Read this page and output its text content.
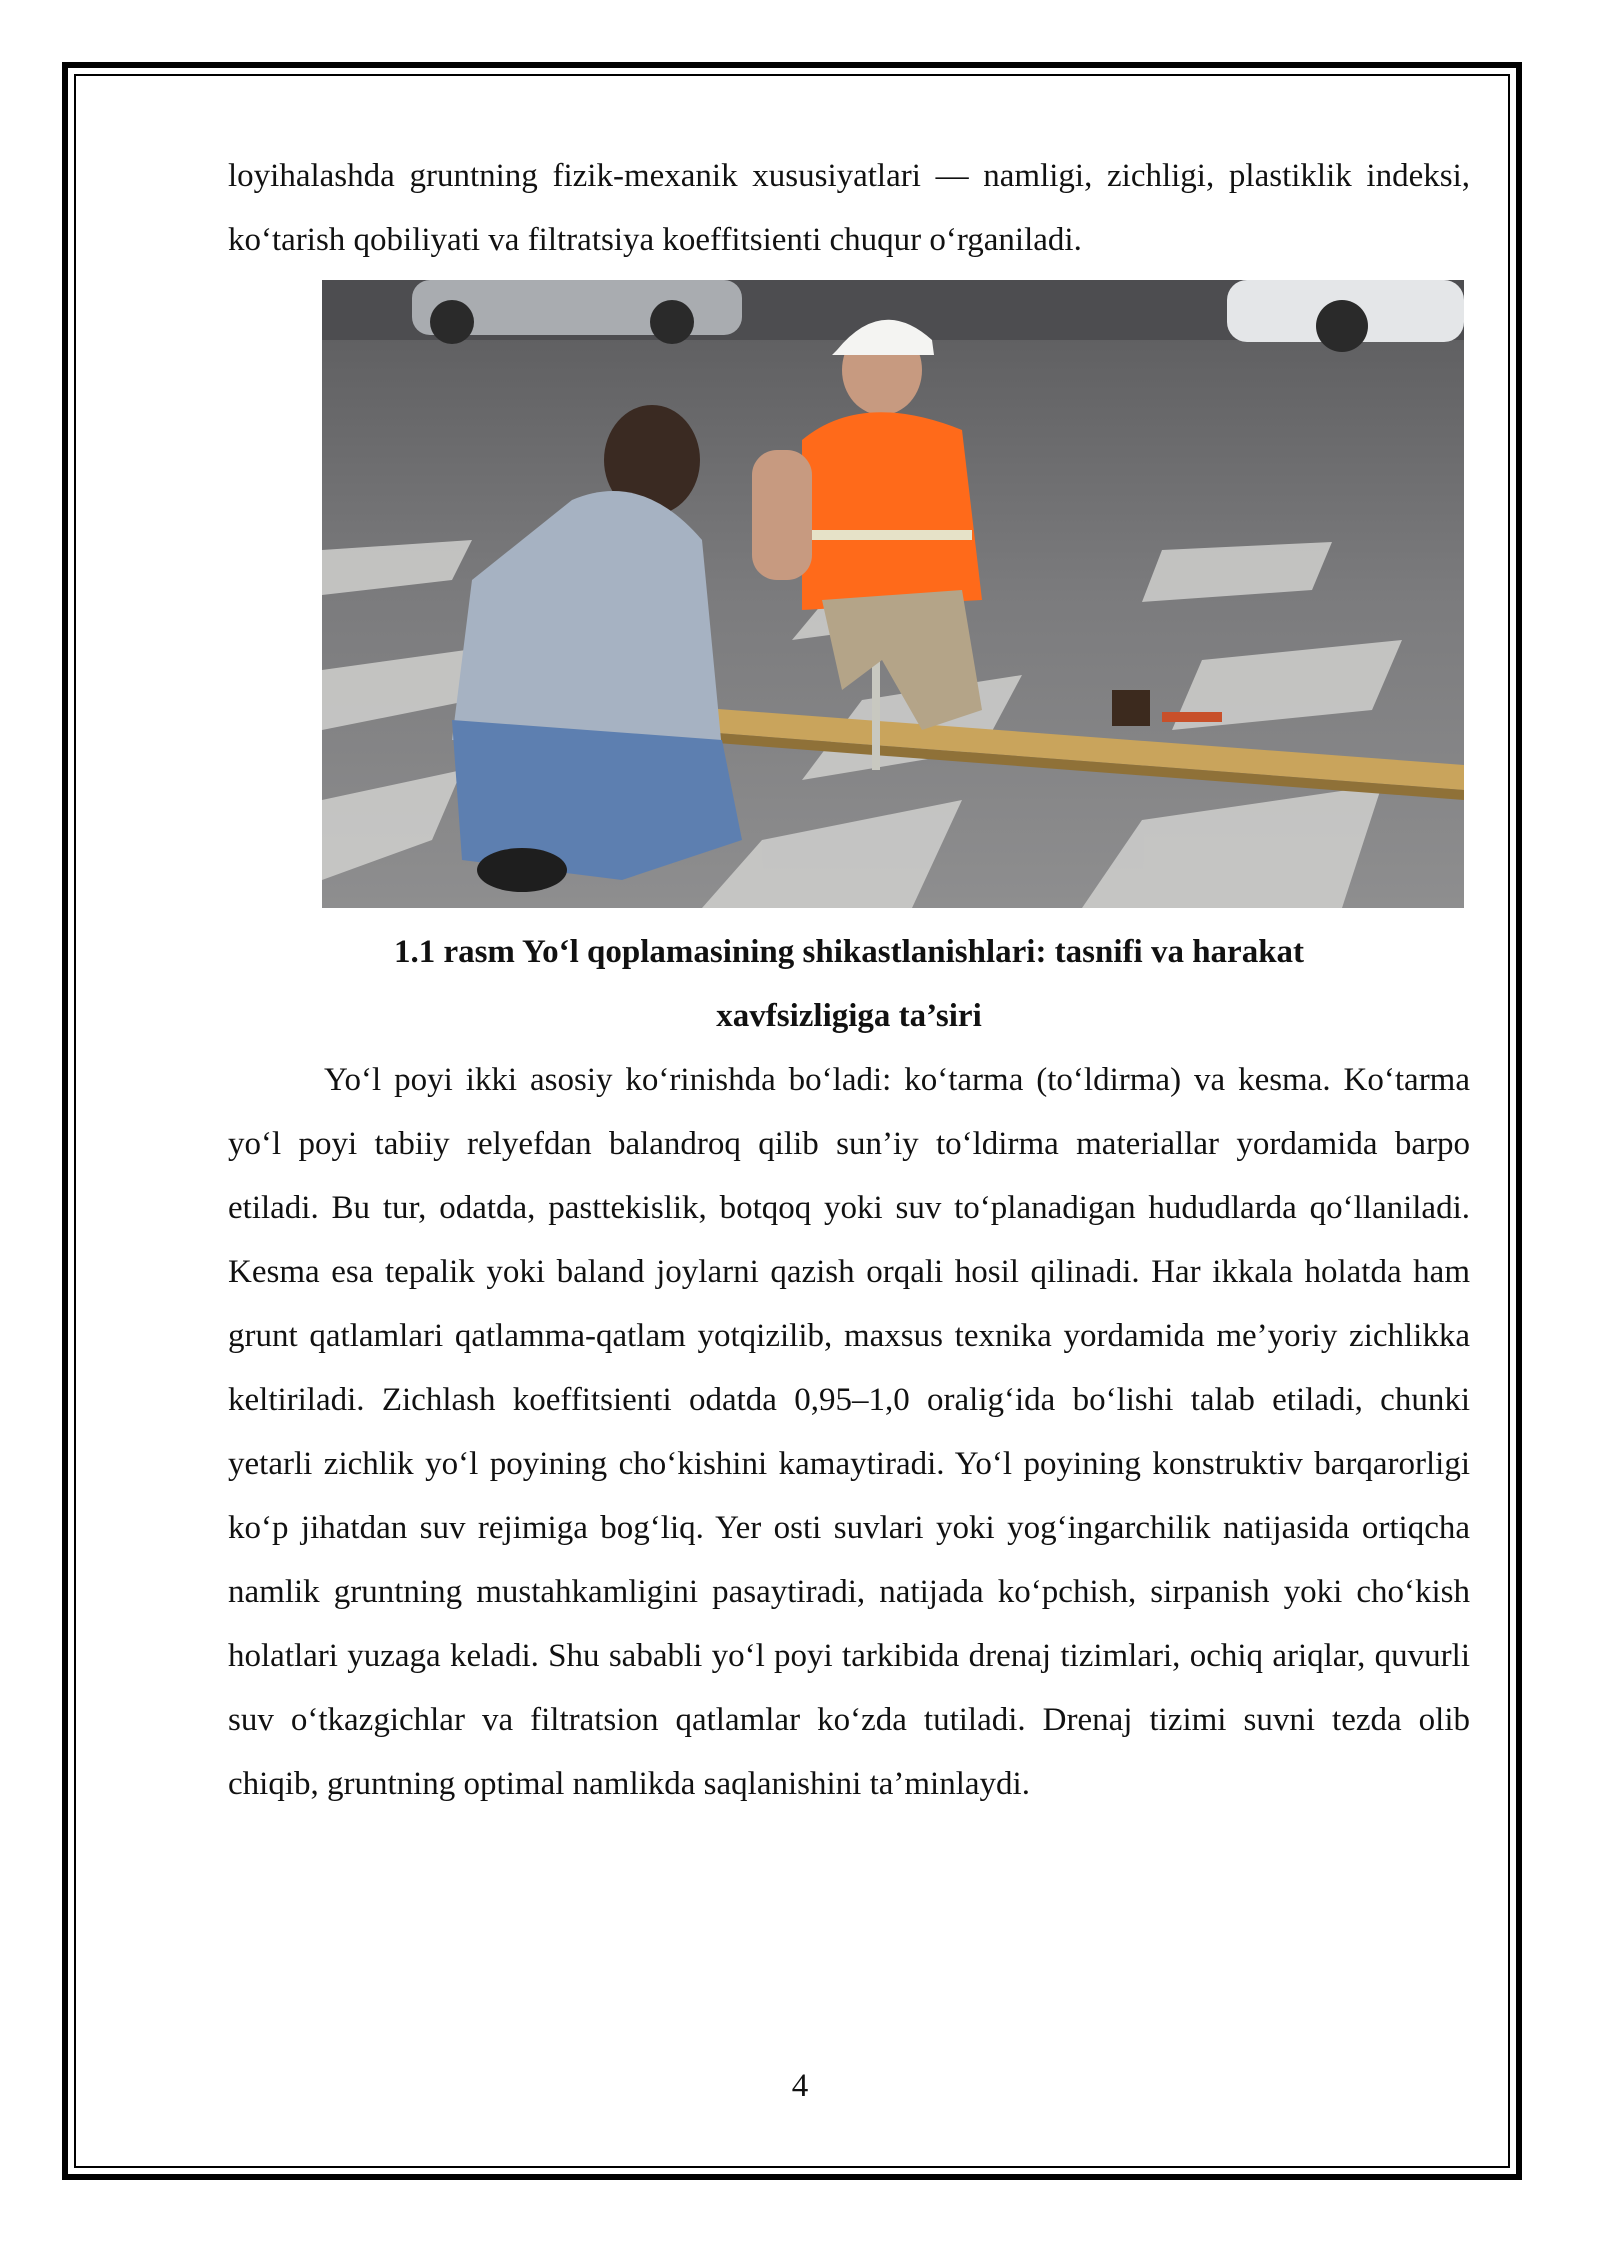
loyihalashda gruntning fizik-mexanik xususiyatlari — namligi, zichligi, plastiklik indeksi, koʻtarish qobiliyati va filtratsiya koeffitsienti chuqur oʻrganiladi.

1.1 rasm Yoʻl qoplamasining shikastlanishlari: tasnifi va harakat
xavfsizligiga ta’siri

Yoʻl poyi ikki asosiy koʻrinishda boʻladi: koʻtarma (toʻldirma) va kesma. Koʻtarma yoʻl poyi tabiiy relyefdan balandroq qilib sun’iy toʻldirma materiallar yordamida barpo etiladi. Bu tur, odatda, pasttekislik, botqoq yoki suv toʻplanadigan hududlarda qoʻllaniladi. Kesma esa tepalik yoki baland joylarni qazish orqali hosil qilinadi. Har ikkala holatda ham grunt qatlamlari qatlamma-qatlam yotqizilib, maxsus texnika yordamida me’yoriy zichlikka keltiriladi. Zichlash koeffitsienti odatda 0,95–1,0 oraligʻida boʻlishi talab etiladi, chunki yetarli zichlik yoʻl poyining choʻkishini kamaytiradi. Yoʻl poyining konstruktiv barqarorligi koʻp jihatdan suv rejimiga bogʻliq. Yer osti suvlari yoki yogʻingarchilik natijasida ortiqcha namlik gruntning mustahkamligini pasaytiradi, natijada koʻpchish, sirpanish yoki choʻkish holatlari yuzaga keladi. Shu sababli yoʻl poyi tarkibida drenaj tizimlari, ochiq ariqlar, quvurli suv oʻtkazgichlar va filtratsion qatlamlar koʻzda tutiladi. Drenaj tizimi suvni tezda olib chiqib, gruntning optimal namlikda saqlanishini ta’minlaydi.

4
